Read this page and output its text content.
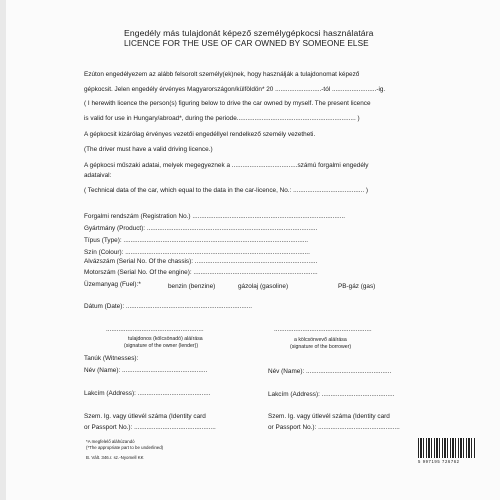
Engedély más tulajdonát képező személygépkocsi használatára
LICENCE FOR THE USE OF CAR OWNED BY SOMEONE ELSE
Ezúton engedélyezem az alább felsorolt személy(ek)nek, hogy használják a tulajdonomat képező
gépkocsit. Jelen engedély érvényes Magyarországon/külföldön* 20 ..........................-tól .........................-ig.
( I herewith licence the person(s) figuring below to drive the car owned by myself. The present licence
is valid for use in Hungary/abroad*, during the periode................................................................... )
A gépkocsit kizárólag érvényes vezetői engedéllyel rendelkező személy vezetheti.
(The driver must have a valid driving licence.)
A gépkocsi műszaki adatai, melyek megegyeznek a .....................................számú forgalmi engedély
adataival:
( Technical data of the car, which equal to the data in the car-licence, No.: ........................................ )
Forgalmi rendszám (Registration No.) ......................................................................................
Gyártmány (Product): ................................................................................................
Típus (Type): ........................................................................................................
Szín (Colour): ........................................................................................................
Alvázszám (Serial No. Of the chassis): .....................................................................
Motorszám (Serial No. Of the engine): ......................................................................
Üzemanyag (Fuel):*	benzin (benzine)	gázolaj (gasoline)	PB-gáz (gas)
Dátum (Date): .......................................................................
.......................................................
tulajdonos (kölcsönadó) aláírása
(signature of the owner (lender))
.......................................................
a kölcsönvevő aláírása
(signature of the borrower)
Tanúk (Witnesses):
Név (Name): ................................................
Lakcím (Address): .........................................
Szem. Ig. vagy útlevél száma (Identity card
or Passport No.): ..............................................
Név (Name): ................................................
Lakcím (Address): .........................................
Szem. Ig. vagy útlevél száma (Identity card
or Passport No.): ..............................................
*A megfelelő aláhúzandó
(*The appropriate part to be underlined)
B. Vált. 346.r. sz.-Nyomell KK
5 997195 726762
